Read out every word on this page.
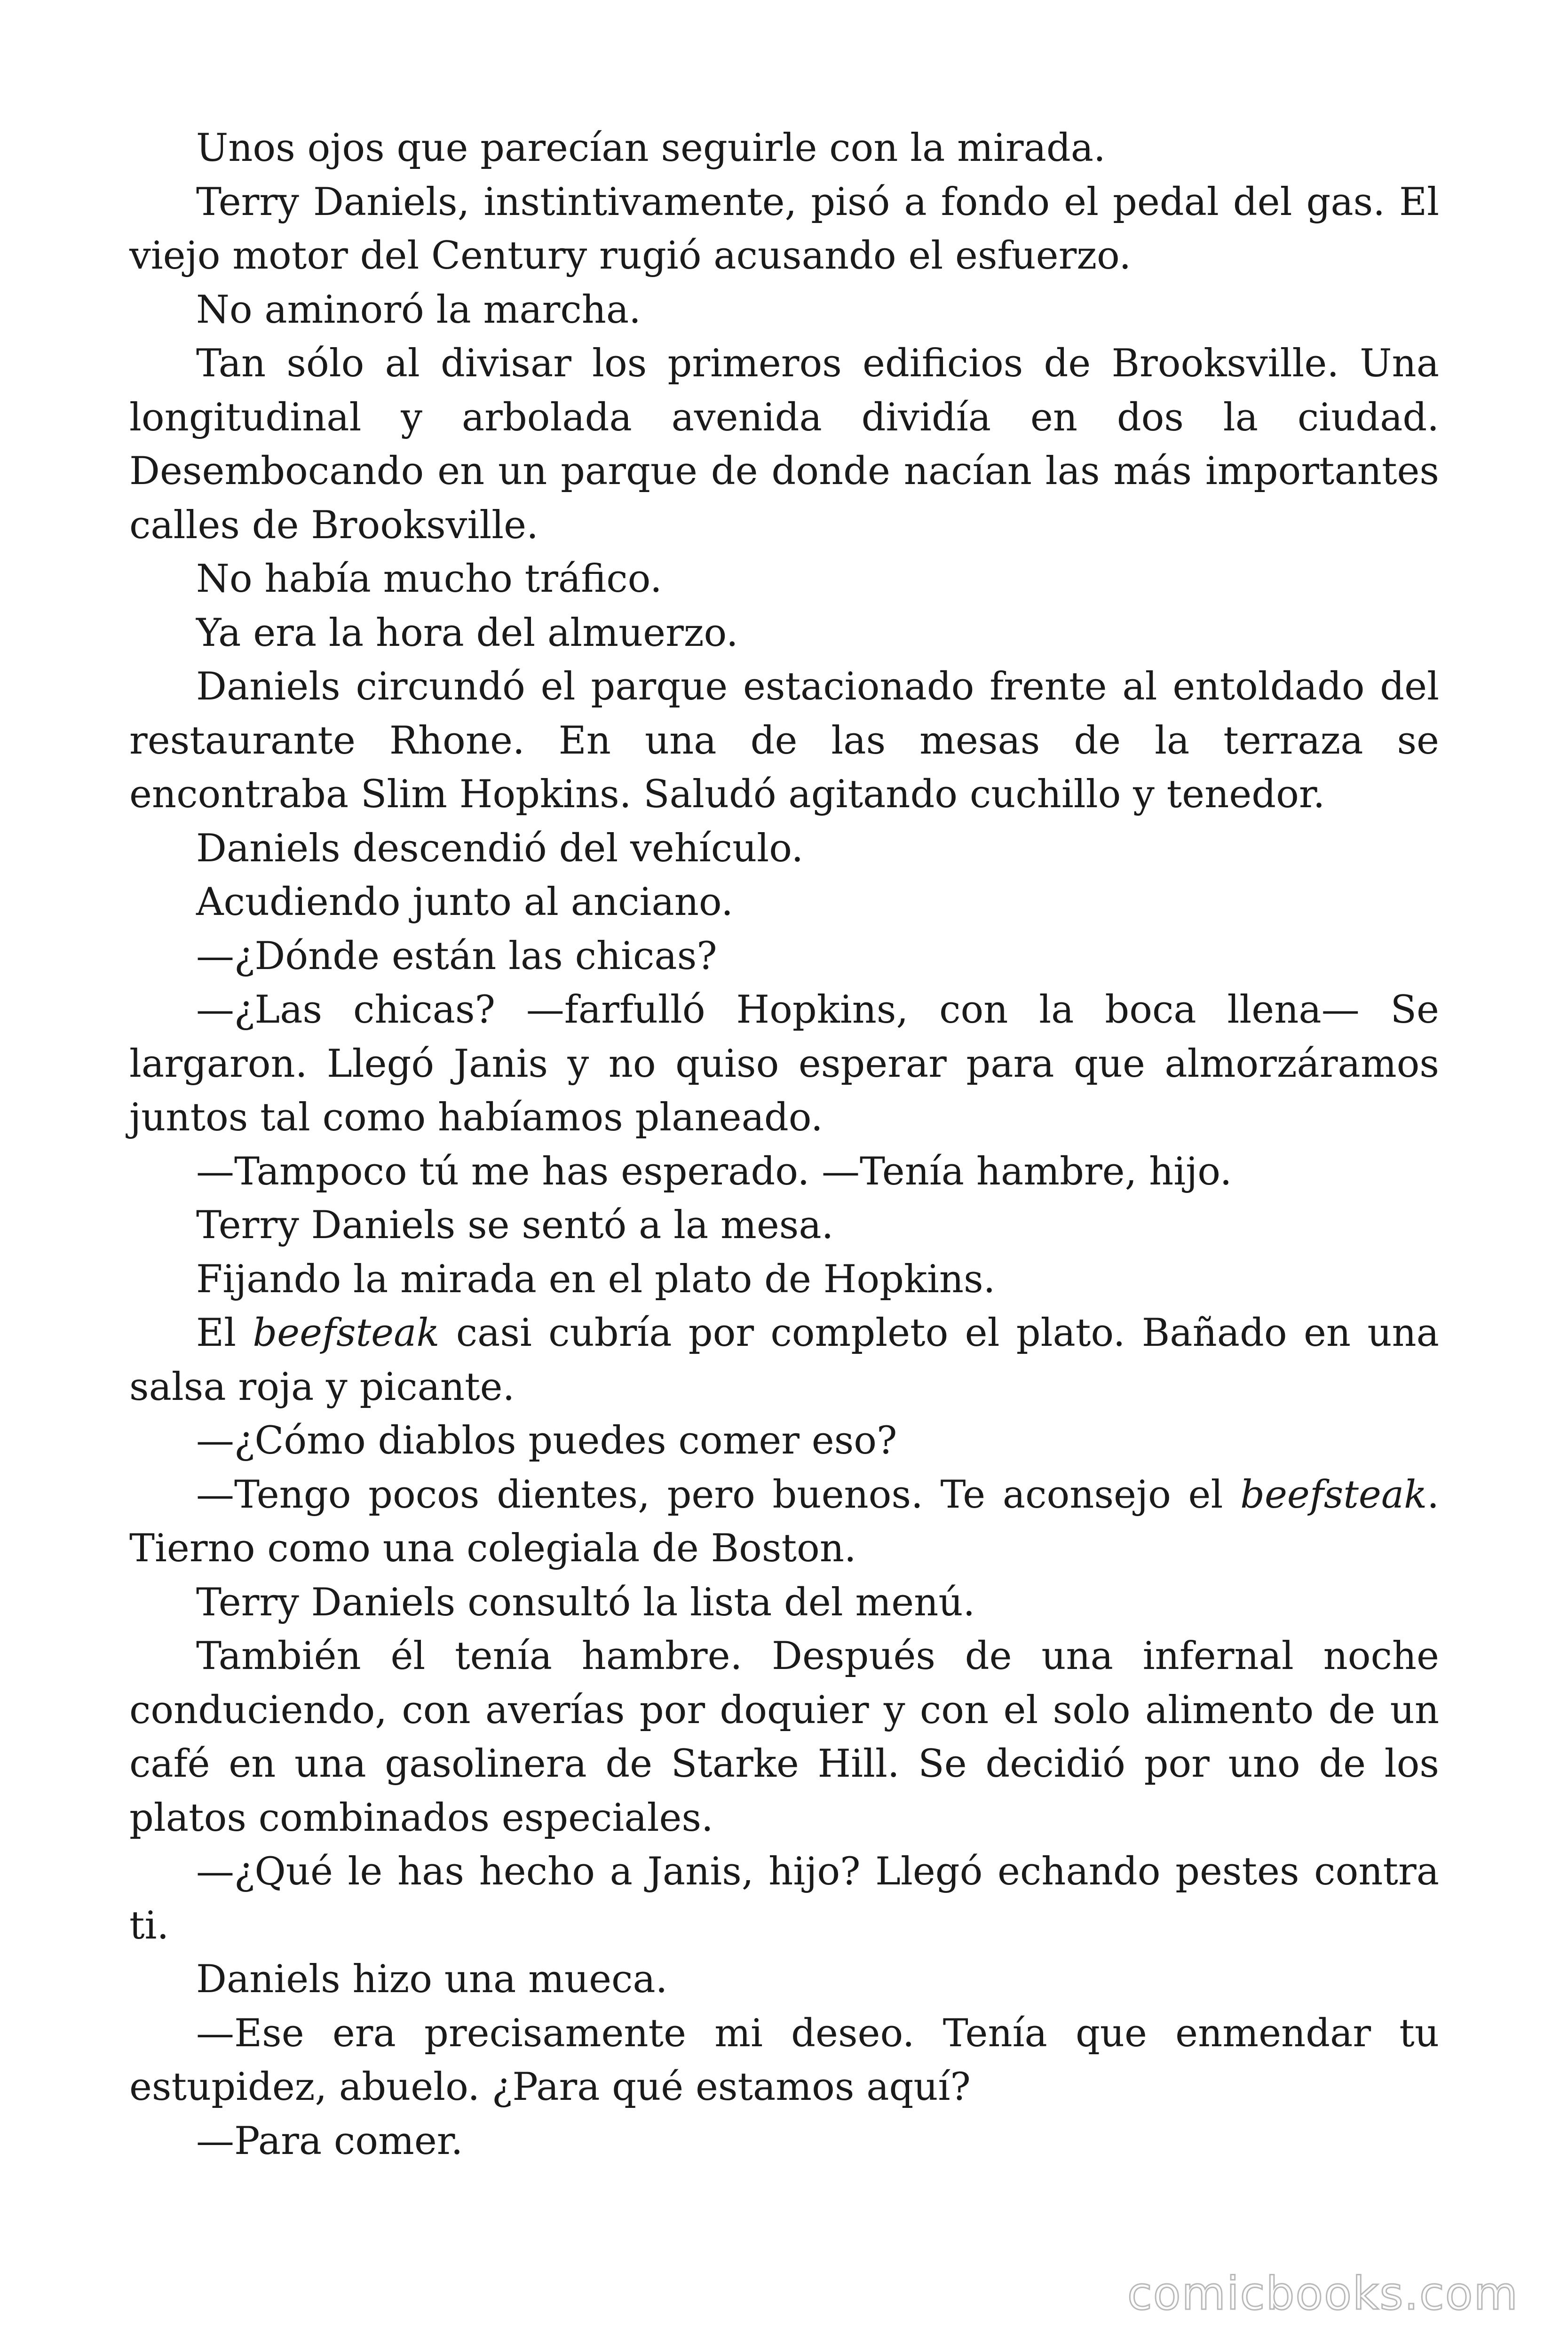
Unos ojos que parecían seguirle con la mirada.

Terry Daniels, instintivamente, pisó a fondo el pedal del gas. El viejo motor del Century rugió acusando el esfuerzo.

No aminoró la marcha.

Tan sólo al divisar los primeros edificios de Brooksville. Una longitudinal y arbolada avenida dividía en dos la ciudad. Desembocando en un parque de donde nacían las más importantes calles de Brooksville.

No había mucho tráfico.

Ya era la hora del almuerzo.

Daniels circundó el parque estacionado frente al entoldado del restaurante Rhone. En una de las mesas de la terraza se encontraba Slim Hopkins. Saludó agitando cuchillo y tenedor.

Daniels descendió del vehículo.

Acudiendo junto al anciano.

—¿Dónde están las chicas?

—¿Las chicas? —farfulló Hopkins, con la boca llena— Se largaron. Llegó Janis y no quiso esperar para que almorzáramos juntos tal como habíamos planeado.

—Tampoco tú me has esperado. —Tenía hambre, hijo.

Terry Daniels se sentó a la mesa.

Fijando la mirada en el plato de Hopkins.

El beefsteak casi cubría por completo el plato. Bañado en una salsa roja y picante.

—¿Cómo diablos puedes comer eso?

—Tengo pocos dientes, pero buenos. Te aconsejo el beefsteak. Tierno como una colegiala de Boston.

Terry Daniels consultó la lista del menú.

También él tenía hambre. Después de una infernal noche conduciendo, con averías por doquier y con el solo alimento de un café en una gasolinera de Starke Hill. Se decidió por uno de los platos combinados especiales.

—¿Qué le has hecho a Janis, hijo? Llegó echando pestes contra ti.

Daniels hizo una mueca.

—Ese era precisamente mi deseo. Tenía que enmendar tu estupidez, abuelo. ¿Para qué estamos aquí?

—Para comer.

comicbooks.com
